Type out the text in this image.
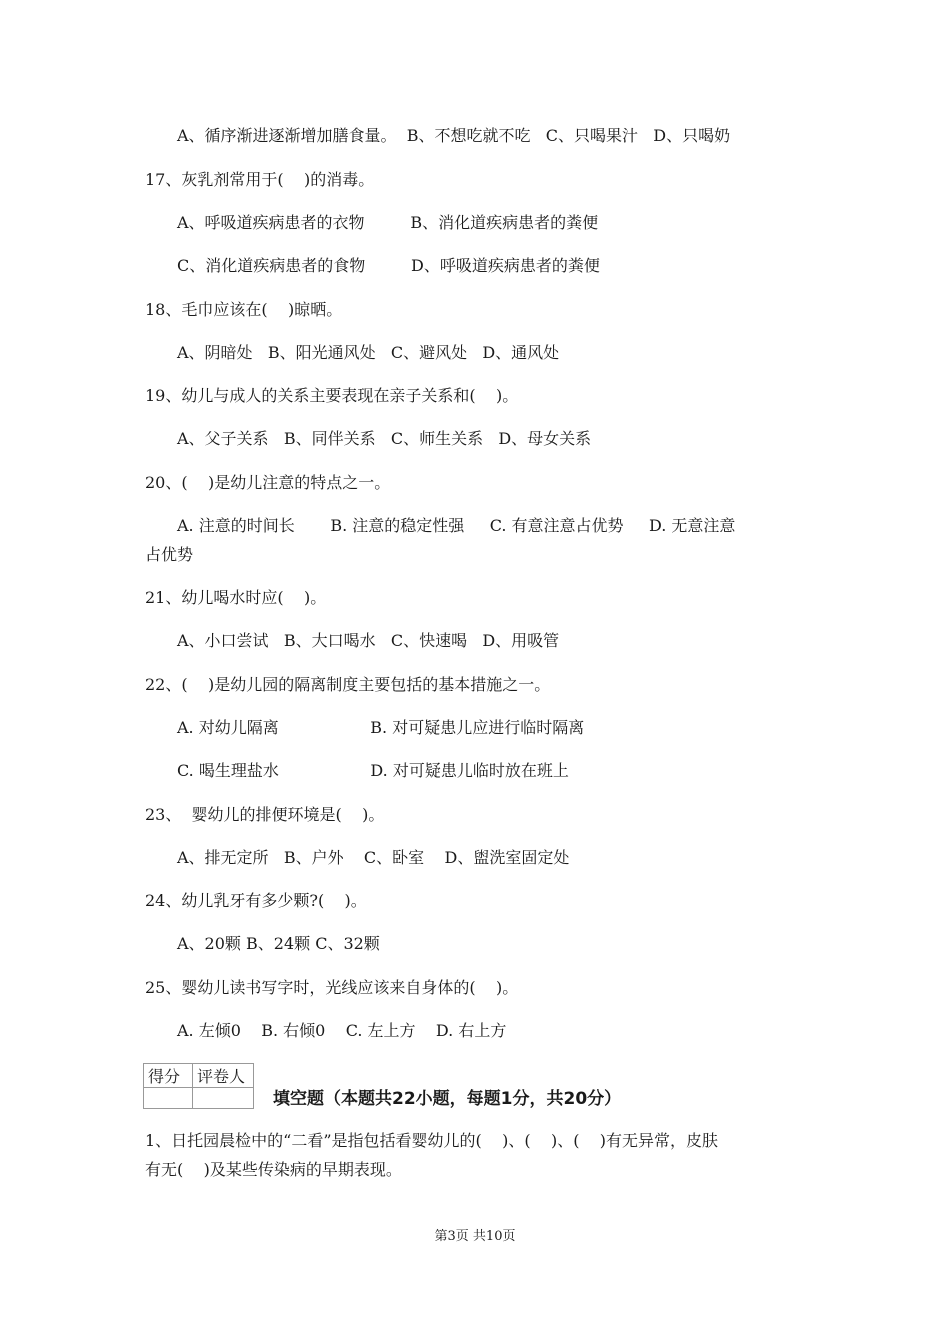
A、循序渐进逐渐增加膳食量。  B、不想吃就不吃   C、只喝果汁   D、只喝奶
17、灰乳剂常用于(    )的消毒。
A、呼吸道疾病患者的衣物         B、消化道疾病患者的粪便
C、消化道疾病患者的食物         D、呼吸道疾病患者的粪便
18、毛巾应该在(    )晾晒。
A、阴暗处   B、阳光通风处   C、避风处   D、通风处
19、幼儿与成人的关系主要表现在亲子关系和(    )。
A、父子关系   B、同伴关系   C、师生关系   D、母女关系
20、(    )是幼儿注意的特点之一。
A. 注意的时间长       B. 注意的稳定性强     C. 有意注意占优势     D. 无意注意
占优势
21、幼儿喝水时应(    )。
A、小口尝试   B、大口喝水   C、快速喝   D、用吸管
22、(    )是幼儿园的隔离制度主要包括的基本措施之一。
A. 对幼儿隔离                  B. 对可疑患儿应进行临时隔离
C. 喝生理盐水                  D. 对可疑患儿临时放在班上
23、  婴幼儿的排便环境是(    )。
A、排无定所   B、户外    C、卧室    D、盥洗室固定处
24、幼儿乳牙有多少颗?(    )。
A、20颗 B、24颗 C、32颗
25、婴幼儿读书写字时，光线应该来自身体的(    )。
A. 左倾0    B. 右倾0    C. 左上方    D. 右上方
得分	评卷人

填空题（本题共22小题，每题1分，共20分）
1、日托园晨检中的“二看”是指包括看婴幼儿的(    )、(    )、(    )有无异常，皮肤
有无(    )及某些传染病的早期表现。
第3页 共10页
